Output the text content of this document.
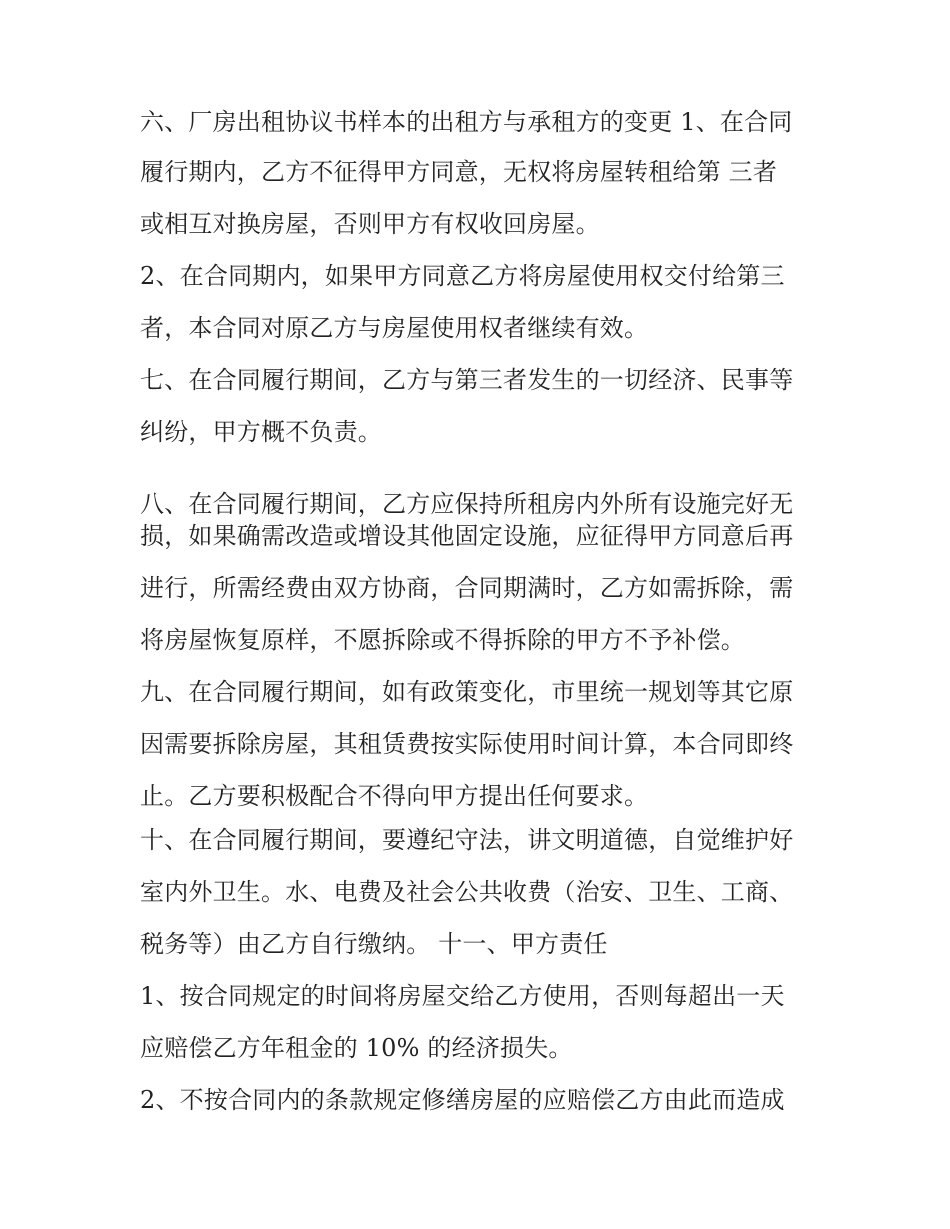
六、厂房出租协议书样本的出租方与承租方的变更 1、在合同
履行期内，乙方不征得甲方同意，无权将房屋转租给第 三者
或相互对换房屋，否则甲方有权收回房屋。
2、在合同期内，如果甲方同意乙方将房屋使用权交付给第三
者，本合同对原乙方与房屋使用权者继续有效。
七、在合同履行期间，乙方与第三者发生的一切经济、民事等
纠纷，甲方概不负责。
八、在合同履行期间，乙方应保持所租房内外所有设施完好无
损，如果确需改造或增设其他固定设施，应征得甲方同意后再
进行，所需经费由双方协商，合同期满时，乙方如需拆除，需
将房屋恢复原样，不愿拆除或不得拆除的甲方不予补偿。
九、在合同履行期间，如有政策变化，市里统一规划等其它原
因需要拆除房屋，其租赁费按实际使用时间计算，本合同即终
止。乙方要积极配合不得向甲方提出任何要求。
十、在合同履行期间，要遵纪守法，讲文明道德，自觉维护好
室内外卫生。水、电费及社会公共收费（治安、卫生、工商、
税务等）由乙方自行缴纳。 十一、甲方责任
1、按合同规定的时间将房屋交给乙方使用，否则每超出一天
应赔偿乙方年租金的 10% 的经济损失。
2、不按合同内的条款规定修缮房屋的应赔偿乙方由此而造成
